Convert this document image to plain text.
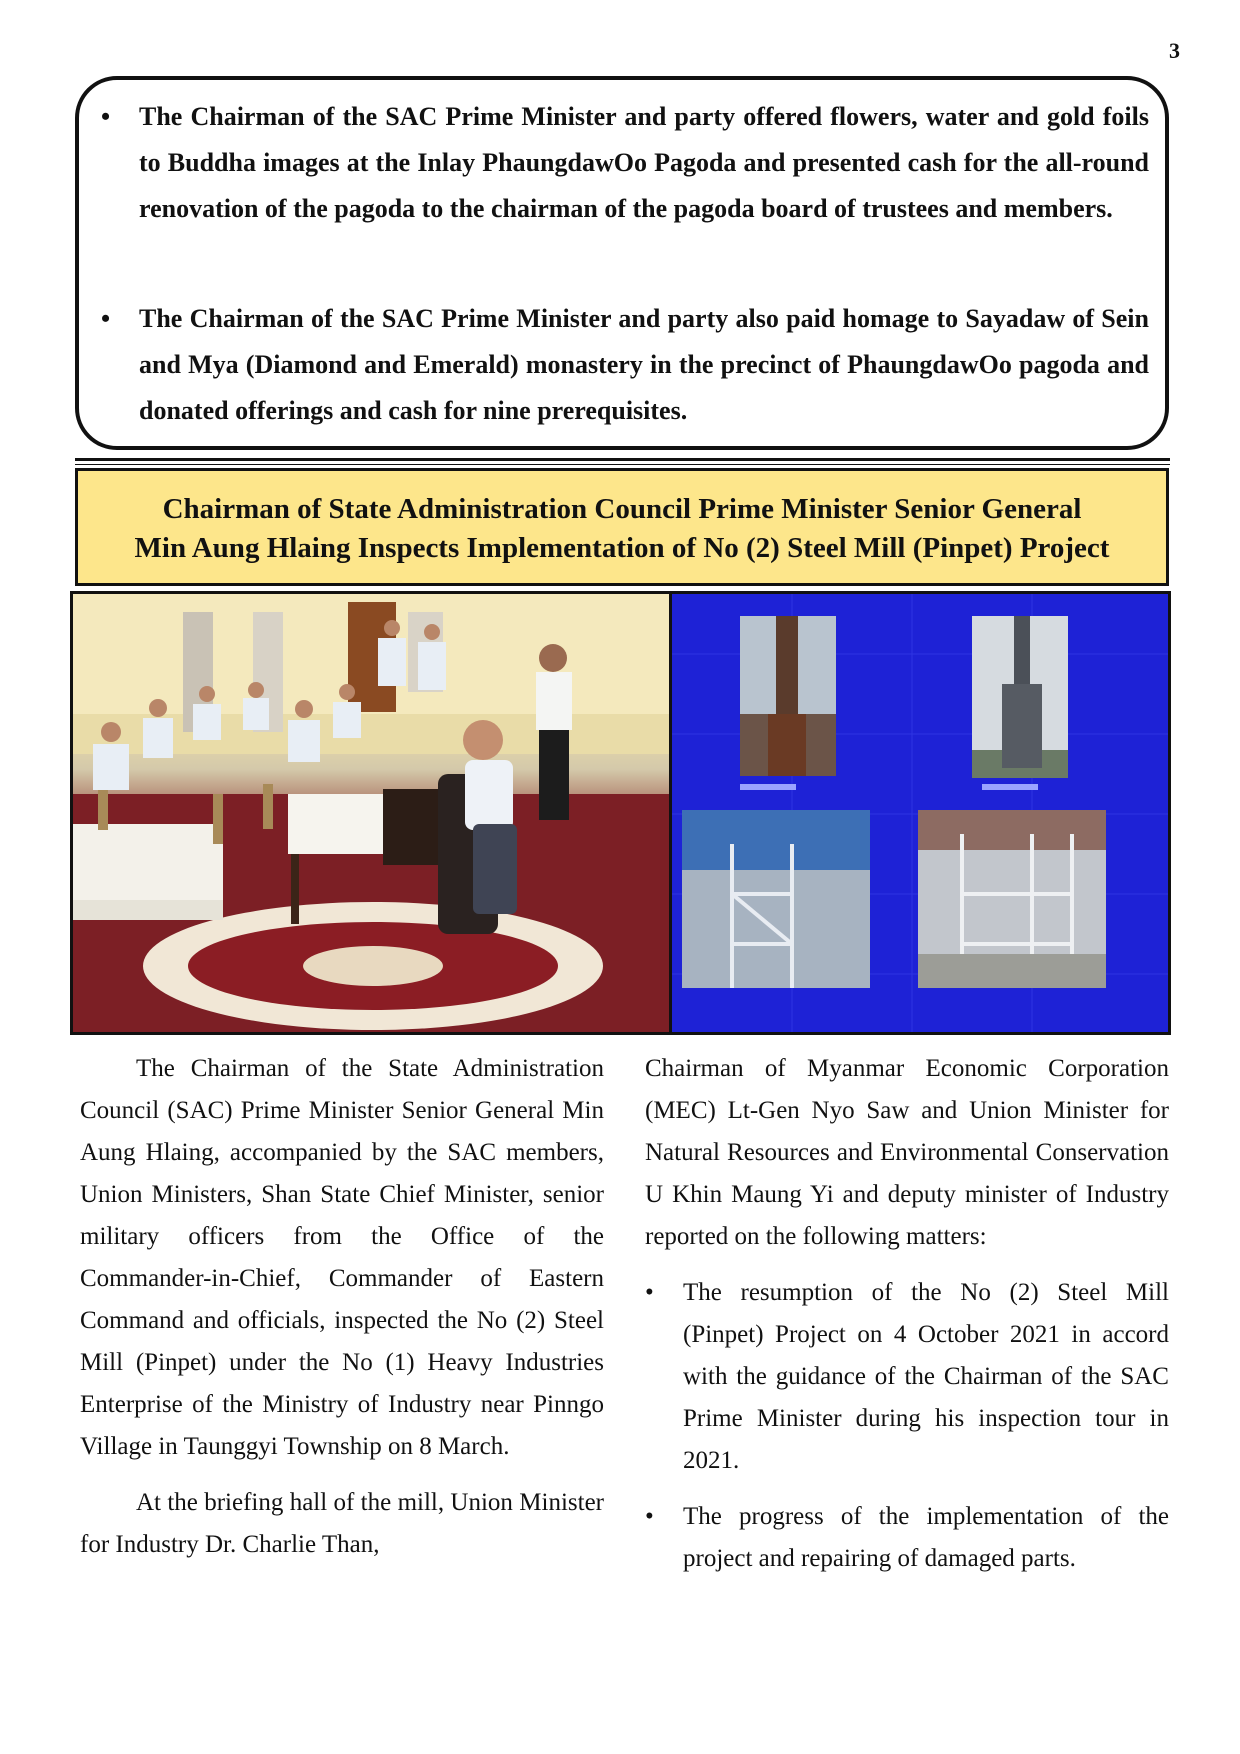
3
• The Chairman of the SAC Prime Minister and party offered flowers, water and gold foils to Buddha images at the Inlay PhaungdawOo Pagoda and presented cash for the all-round renovation of the pagoda to the chairman of the pagoda board of trustees and members.
• The Chairman of the SAC Prime Minister and party also paid homage to Sayadaw of Sein and Mya (Diamond and Emerald) monastery in the precinct of PhaungdawOo pagoda and donated offerings and cash for nine prerequisites.
Chairman of State Administration Council Prime Minister Senior General
Min Aung Hlaing Inspects Implementation of No (2) Steel Mill (Pinpet) Project

The Chairman of the State Administration Council (SAC) Prime Minister Senior General Min Aung Hlaing, accompanied by the SAC members, Union Ministers, Shan State Chief Minister, senior military officers from the Office of the Commander-in-Chief, Commander of Eastern Command and officials, inspected the No (2) Steel Mill (Pinpet) under the No (1) Heavy Industries Enterprise of the Ministry of Industry near Pinngo Village in Taunggyi Township on 8 March.

At the briefing hall of the mill, Union Minister for Industry Dr. Charlie Than,

Chairman of Myanmar Economic Corporation (MEC) Lt-Gen Nyo Saw and Union Minister for Natural Resources and Environmental Conservation U Khin Maung Yi and deputy minister of Industry reported on the following matters:

• The resumption of the No (2) Steel Mill (Pinpet) Project on 4 October 2021 in accord with the guidance of the Chairman of the SAC Prime Minister during his inspection tour in 2021.
• The progress of the implementation of the project and repairing of damaged parts.
